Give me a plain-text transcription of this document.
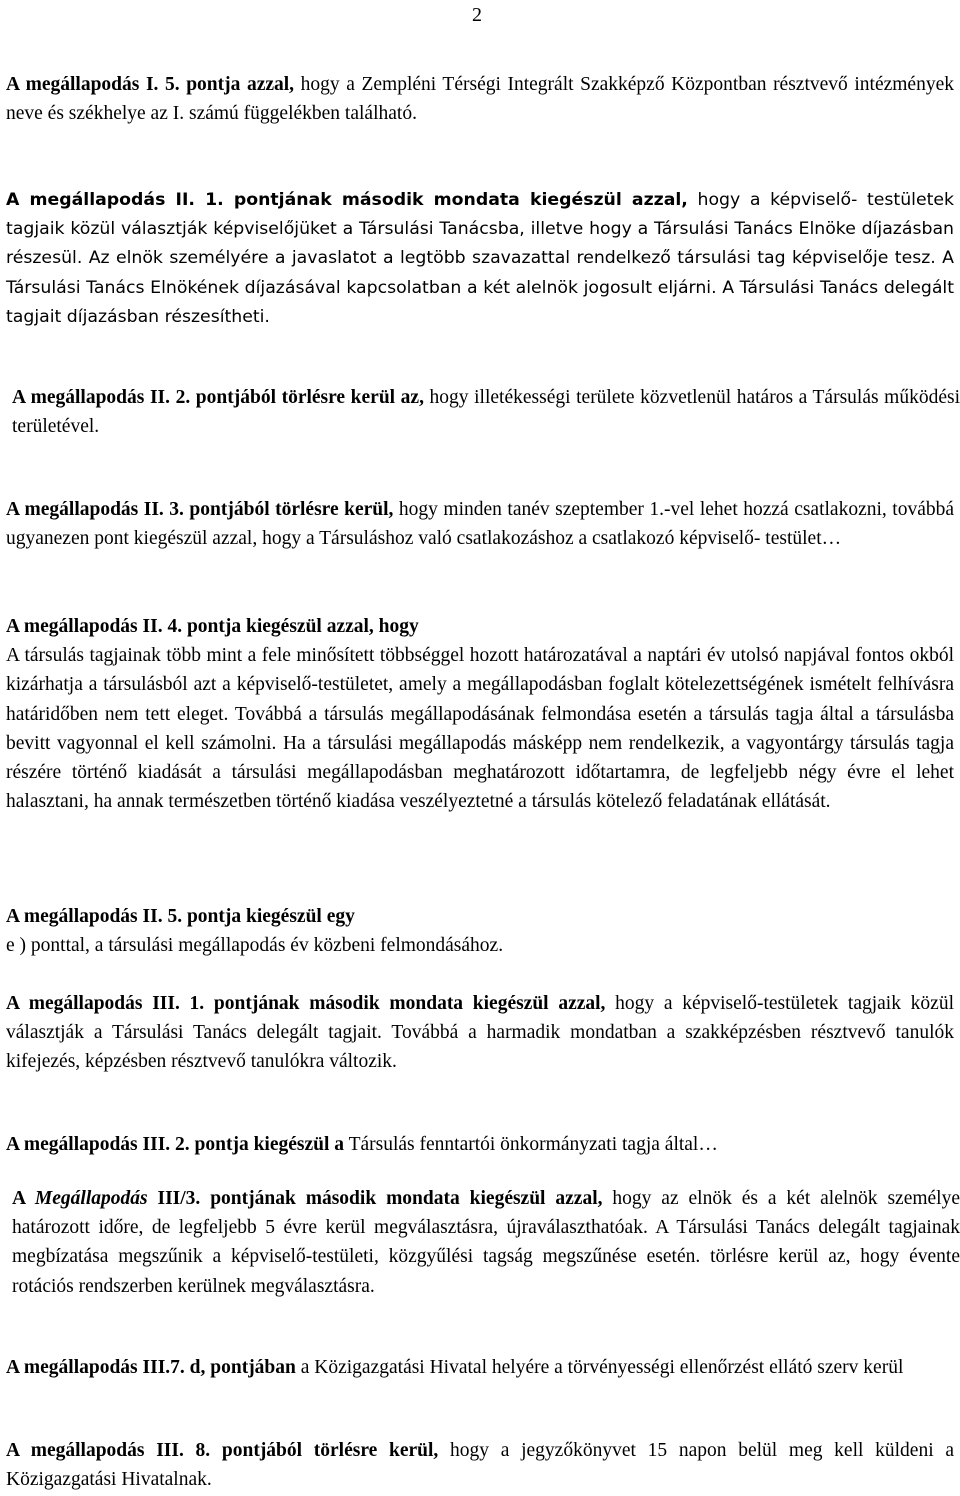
2
A megállapodás I. 5. pontja azzal, hogy a Zempléni Térségi Integrált Szakképző Központban résztvevő intézmények neve és székhelye az I. számú függelékben található.
A megállapodás II. 1. pontjának második mondata kiegészül azzal, hogy a képviselő- testületek tagjaik közül választják képviselőjüket a Társulási Tanácsba, illetve hogy a Társulási Tanács Elnöke díjazásban részesül. Az elnök személyére a javaslatot a legtöbb szavazattal rendelkező társulási tag képviselője tesz. A Társulási Tanács Elnökének díjazásával kapcsolatban a két alelnök jogosult eljárni. A Társulási Tanács delegált tagjait díjazásban részesítheti.
A megállapodás II. 2. pontjából törlésre kerül az, hogy illetékességi területe közvetlenül határos a Társulás működési területével.
A megállapodás II. 3. pontjából törlésre kerül, hogy minden tanév szeptember 1.-vel lehet hozzá csatlakozni, továbbá ugyanezen pont kiegészül azzal, hogy a Társuláshoz való csatlakozáshoz a csatlakozó képviselő- testület…
A megállapodás II. 4. pontja kiegészül azzal, hogy
A társulás tagjainak több mint a fele minősített többséggel hozott határozatával a naptári év utolsó napjával fontos okból kizárhatja a társulásból azt a képviselő-testületet, amely a megállapodásban foglalt kötelezettségének ismételt felhívásra határidőben nem tett eleget. Továbbá a társulás megállapodásának felmondása esetén a társulás tagja által a társulásba bevitt vagyonnal el kell számolni. Ha a társulási megállapodás másképp nem rendelkezik, a vagyontárgy társulás tagja részére történő kiadását a társulási megállapodásban meghatározott időtartamra, de legfeljebb négy évre el lehet halasztani, ha annak természetben történő kiadása veszélyeztetné a társulás kötelező feladatának ellátását.
A megállapodás II. 5. pontja kiegészül egy
e ) ponttal, a társulási megállapodás év közbeni felmondásához.
A megállapodás III. 1. pontjának második mondata kiegészül azzal, hogy a képviselő-testületek tagjaik közül választják a Társulási Tanács delegált tagjait. Továbbá a harmadik mondatban a szakképzésben résztvevő tanulók kifejezés, képzésben résztvevő tanulókra változik.
A megállapodás III. 2. pontja kiegészül a Társulás fenntartói önkormányzati tagja által…
A Megállapodás III/3. pontjának második mondata kiegészül azzal, hogy az elnök és a két alelnök személye határozott időre, de legfeljebb 5 évre kerül megválasztásra, újraválaszthatóak. A Társulási Tanács delegált tagjainak megbízatása megszűnik a képviselő-testületi, közgyűlési tagság megszűnése esetén. törlésre kerül az, hogy évente rotációs rendszerben kerülnek megválasztásra.
A megállapodás III.7. d, pontjában a Közigazgatási Hivatal helyére a törvényességi ellenőrzést ellátó szerv kerül
A megállapodás III. 8. pontjából törlésre kerül, hogy a jegyzőkönyvet 15 napon belül meg kell küldeni a Közigazgatási Hivatalnak.
